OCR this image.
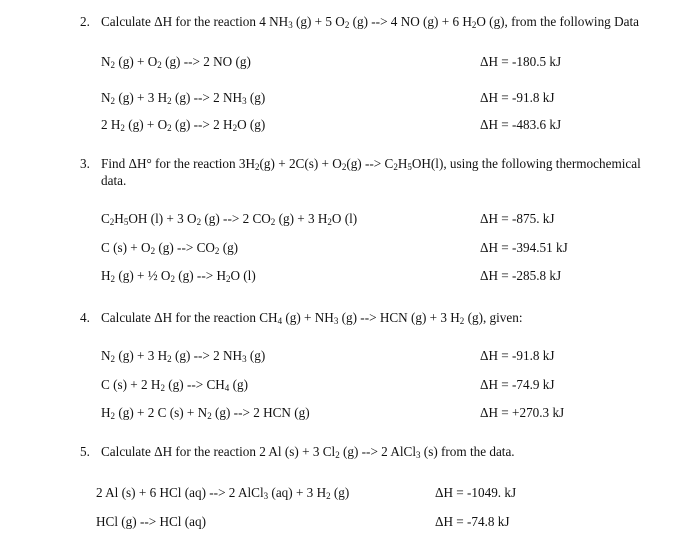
2. Calculate ΔH for the reaction 4 $NH_3$ (g) + 5 $O_2$ (g) --> 4 NO (g) + 6 $H_2O$ (g), from the following Data
$N_2$ $(g) + O_2$ (g) --> 2 NO (g)	ΔH = -180.5 kJ
$N_2$ (g) + 3 $H_2$ (g) --> 2 $NH_3$ (g)	ΔH = -91.8 kJ
2 $H_2$ $(g) + O_2$ (g) --> 2 $H_2O$ (g)	ΔH = -483.6 kJ
3. Find ΔH° for the reaction $3H_2(g) + 2C(s) + O_2(g)$ --> $C_2H_5OH(l)$, using the following thermochemical
data.
$C_2H_5OH$ (l) + 3 $O_2$ (g) --> 2 $CO_2$ (g) + 3 $H_2O$ (l)	ΔH = -875. kJ
C $(s) + O_2$ (g) --> $CO_2$ (g)	ΔH = -394.51 kJ
$H_2$ (g) + ½ $O_2$ (g) --> $H_2O$ (l)	ΔH = -285.8 kJ
4. Calculate ΔH for the reaction $CH_4$ $(g) + NH_3$ (g) --> HCN (g) + 3 $H_2$ (g), given:
$N_2$ (g) + 3 $H_2$ (g) --> 2 $NH_3$ (g)	ΔH = -91.8 kJ
C (s) + 2 $H_2$ (g) --> $CH_4$ (g)	ΔH = -74.9 kJ
$H_2$ (g) + 2 C $(s) + N_2$ (g) --> 2 HCN (g)	ΔH = +270.3 kJ
5. Calculate ΔH for the reaction 2 Al (s) + 3 $Cl_2$ (g) --> 2 AlCl$_3$ (s) from the data.
2 Al (s) + 6 HCl (aq) --> 2 AlCl$_3$ (aq) + 3 $H_2$ (g)	ΔH = -1049. kJ
HCl (g) --> HCl (aq)	ΔH = -74.8 kJ
